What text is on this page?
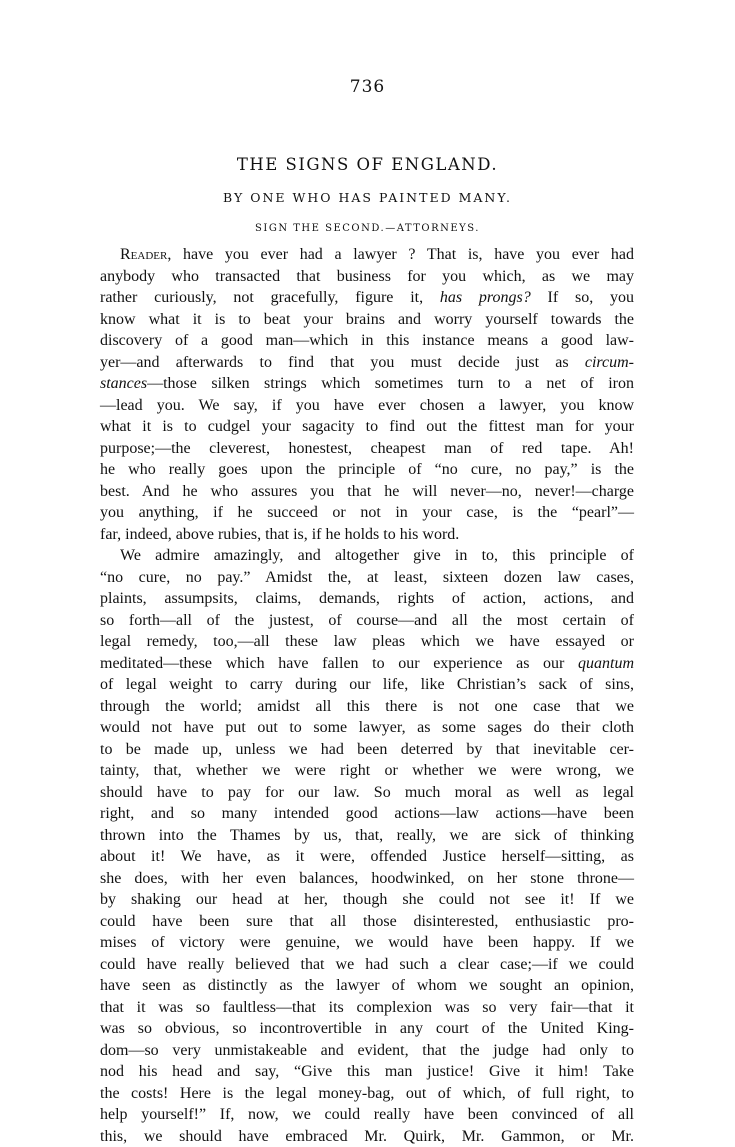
736
THE SIGNS OF ENGLAND.
BY ONE WHO HAS PAINTED MANY.
SIGN THE SECOND.—ATTORNEYS.
Reader, have you ever had a lawyer ? That is, have you ever had
anybody who transacted that business for you which, as we may
rather curiously, not gracefully, figure it, has prongs? If so, you
know what it is to beat your brains and worry yourself towards the
discovery of a good man—which in this instance means a good law-
yer—and afterwards to find that you must decide just as circum-
stances—those silken strings which sometimes turn to a net of iron
—lead you. We say, if you have ever chosen a lawyer, you know
what it is to cudgel your sagacity to find out the fittest man for your
purpose;—the cleverest, honestest, cheapest man of red tape. Ah!
he who really goes upon the principle of “no cure, no pay,” is the
best. And he who assures you that he will never—no, never!—charge
you anything, if he succeed or not in your case, is the “pearl”—
far, indeed, above rubies, that is, if he holds to his word.
We admire amazingly, and altogether give in to, this principle of
“no cure, no pay.” Amidst the, at least, sixteen dozen law cases,
plaints, assumpsits, claims, demands, rights of action, actions, and
so forth—all of the justest, of course—and all the most certain of
legal remedy, too,—all these law pleas which we have essayed or
meditated—these which have fallen to our experience as our quantum
of legal weight to carry during our life, like Christian’s sack of sins,
through the world; amidst all this there is not one case that we
would not have put out to some lawyer, as some sages do their cloth
to be made up, unless we had been deterred by that inevitable cer-
tainty, that, whether we were right or whether we were wrong, we
should have to pay for our law. So much moral as well as legal
right, and so many intended good actions—law actions—have been
thrown into the Thames by us, that, really, we are sick of thinking
about it! We have, as it were, offended Justice herself—sitting, as
she does, with her even balances, hoodwinked, on her stone throne—
by shaking our head at her, though she could not see it! If we
could have been sure that all those disinterested, enthusiastic pro-
mises of victory were genuine, we would have been happy. If we
could have really believed that we had such a clear case;—if we could
have seen as distinctly as the lawyer of whom we sought an opinion,
that it was so faultless—that its complexion was so very fair—that it
was so obvious, so incontrovertible in any court of the United King-
dom—so very unmistakeable and evident, that the judge had only to
nod his head and say, “Give this man justice! Give it him! Take
the costs! Here is the legal money-bag, out of which, of full right, to
help yourself!” If, now, we could really have been convinced of all
this, we should have embraced Mr. Quirk, Mr. Gammon, or Mr.
